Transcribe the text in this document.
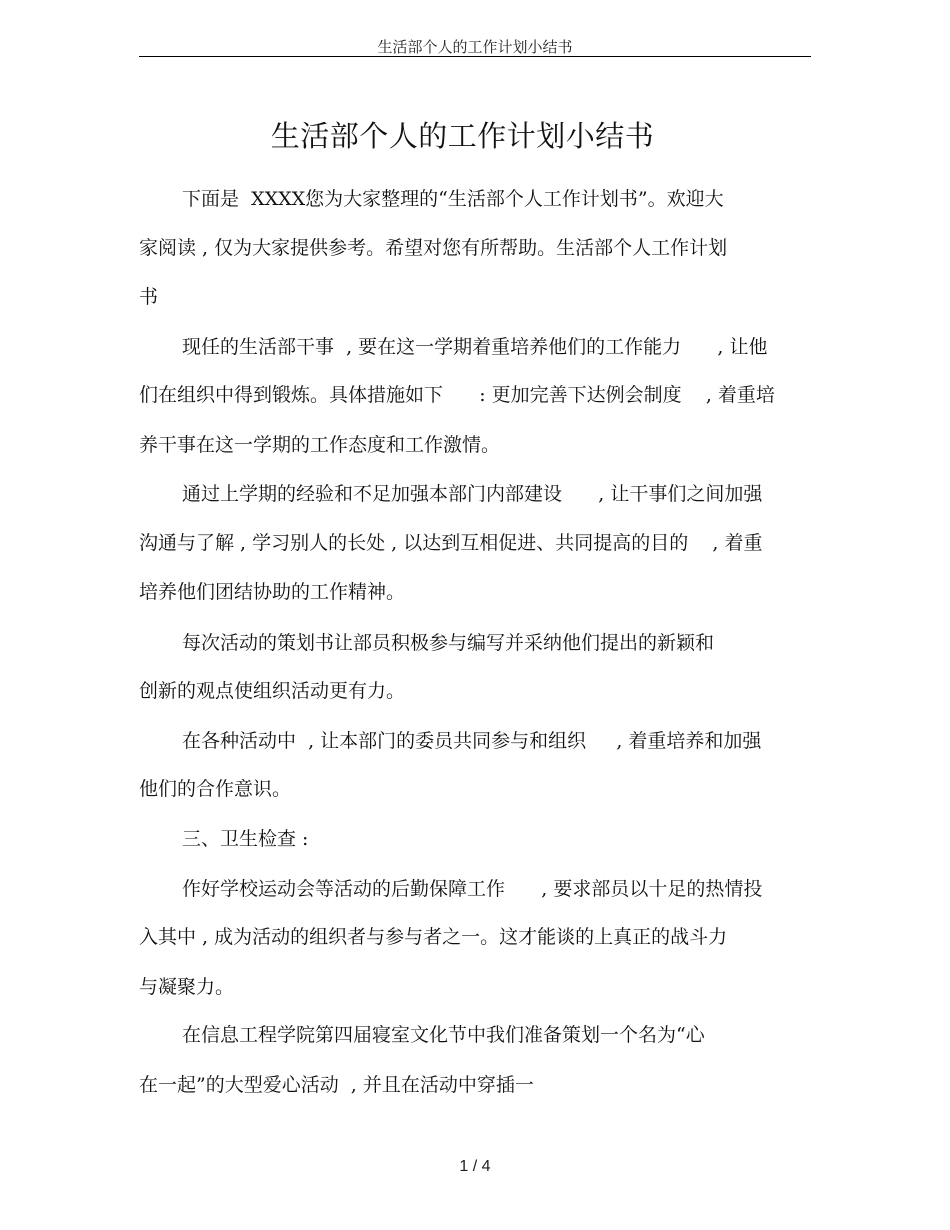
生活部个人的工作计划小结书
生活部个人的工作计划小结书
下面是  XXXX您为大家整理的“生活部个人工作计划书”。欢迎大
家阅读 , 仅为大家提供参考。希望对您有所帮助。生活部个人工作计划
书
现任的生活部干事  , 要在这一学期着重培养他们的工作能力      , 让他
们在组织中得到锻炼。具体措施如下      : 更加完善下达例会制度    , 着重培
养干事在这一学期的工作态度和工作激情。
通过上学期的经验和不足加强本部门内部建设      , 让干事们之间加强
沟通与了解 , 学习别人的长处 , 以达到互相促进、共同提高的目的    , 着重
培养他们团结协助的工作精神。
每次活动的策划书让部员积极参与编写并采纳他们提出的新颖和
创新的观点使组织活动更有力。
在各种活动中  , 让本部门的委员共同参与和组织     , 着重培养和加强
他们的合作意识。
三、卫生检查 :
作好学校运动会等活动的后勤保障工作      , 要求部员以十足的热情投
入其中 , 成为活动的组织者与参与者之一。这才能谈的上真正的战斗力
与凝聚力。
在信息工程学院第四届寝室文化节中我们准备策划一个名为“心
在一起”的大型爱心活动  , 并且在活动中穿插一
1 / 4
